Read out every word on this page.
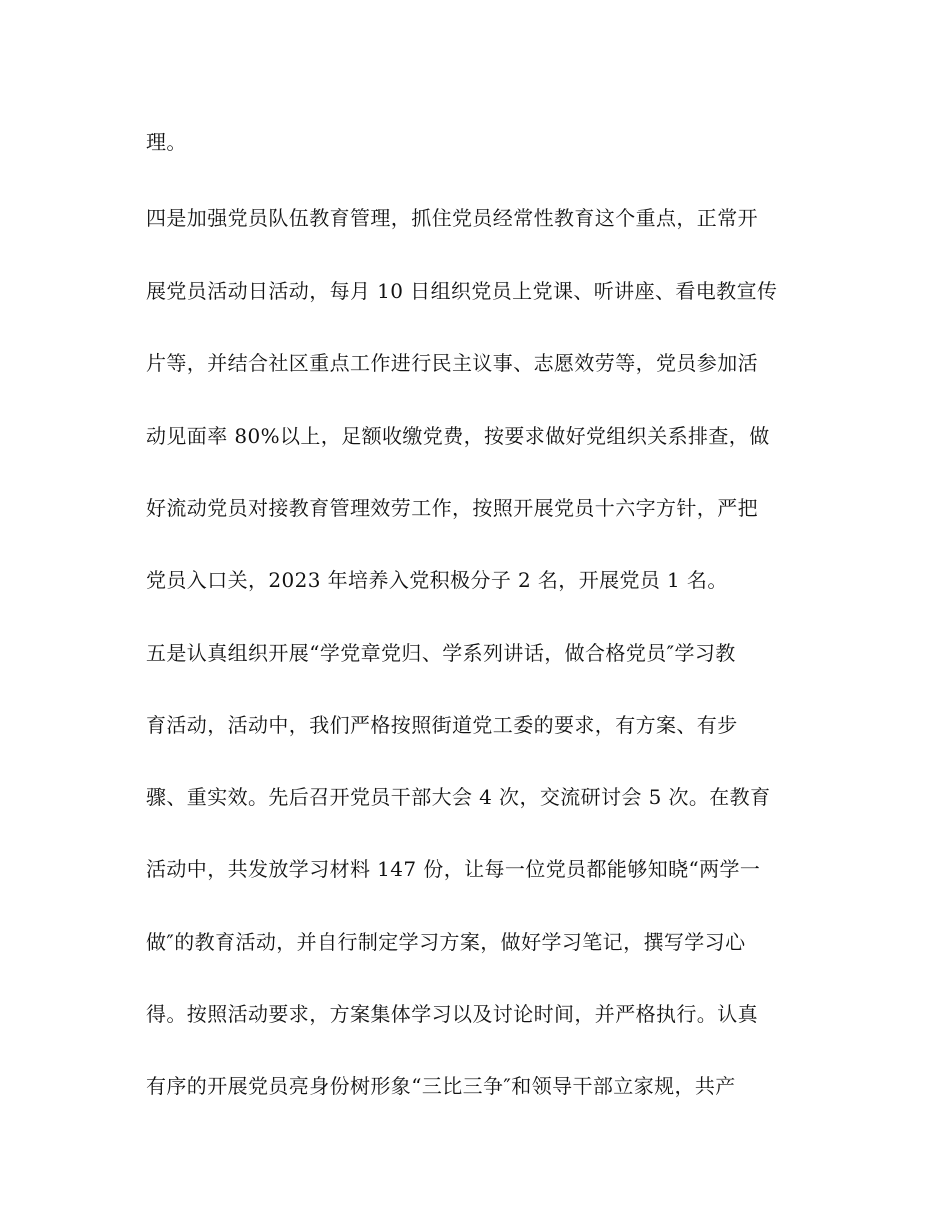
理。
四是加强党员队伍教育管理，抓住党员经常性教育这个重点，正常开
展党员活动日活动，每月 10 日组织党员上党课、听讲座、看电教宣传
片等，并结合社区重点工作进行民主议事、志愿效劳等，党员参加活
动见面率 80%以上，足额收缴党费，按要求做好党组织关系排查，做
好流动党员对接教育管理效劳工作，按照开展党员十六字方针，严把
党员入口关，2023 年培养入党积极分子 2 名，开展党员 1 名。
五是认真组织开展“学党章党归、学系列讲话，做合格党员″学习教
育活动，活动中，我们严格按照街道党工委的要求，有方案、有步
骤、重实效。先后召开党员干部大会 4 次，交流研讨会 5 次。在教育
活动中，共发放学习材料 147 份，让每一位党员都能够知晓“两学一
做″的教育活动，并自行制定学习方案，做好学习笔记，撰写学习心
得。按照活动要求，方案集体学习以及讨论时间，并严格执行。认真
有序的开展党员亮身份树形象“三比三争″和领导干部立家规，共产
